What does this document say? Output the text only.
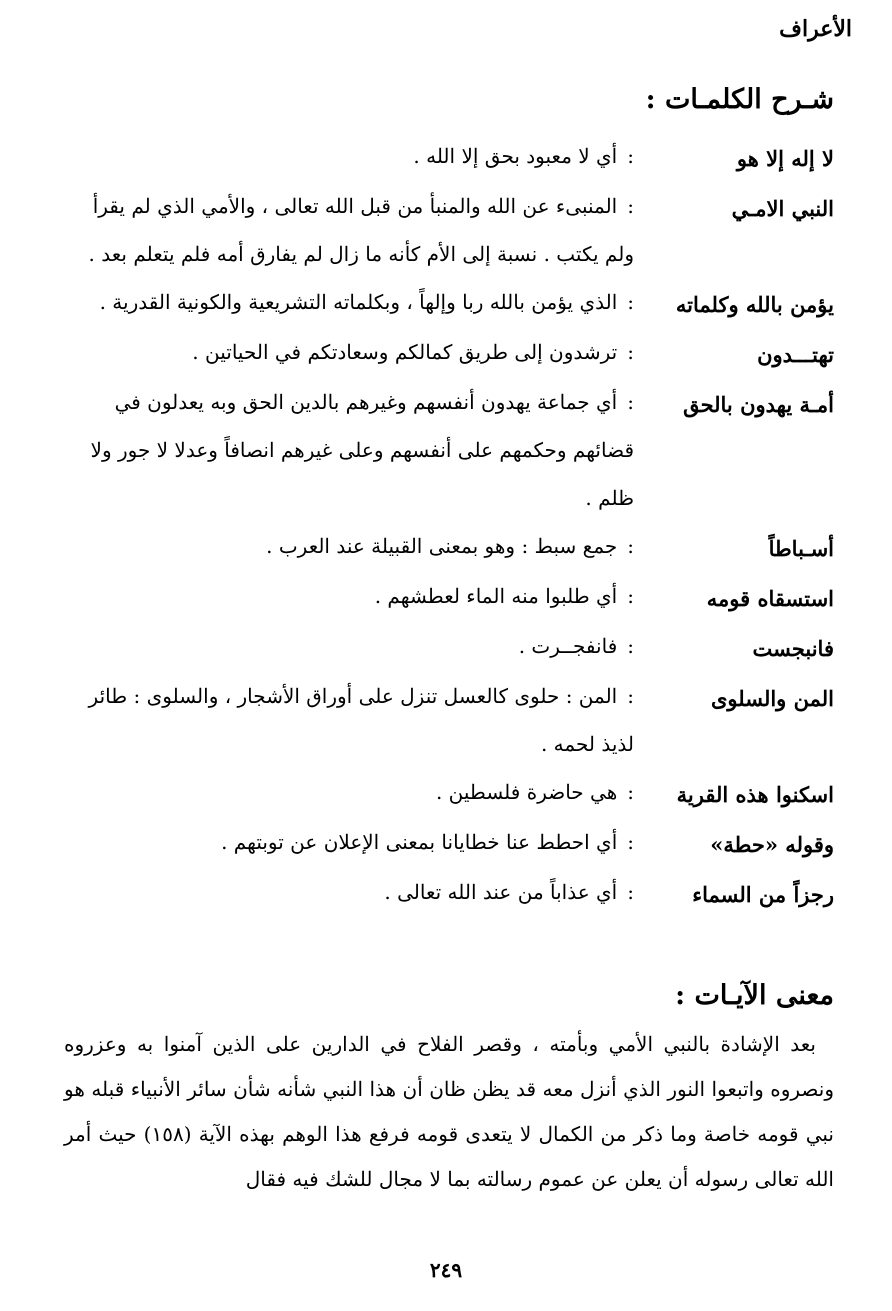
الأعراف
شـرح الكلمـات :
لا إله إلا هو
:أي لا معبود بحق إلا الله .
النبي الامـي
:المنبىء عن الله والمنبأ من قبل الله تعالى ، والأمي الذي لم يقرأ ولم يكتب . نسبة إلى الأم كأنه ما زال لم يفارق أمه فلم يتعلم بعد .
يؤمن بالله وكلماته
:الذي يؤمن بالله ربا وإلهاً ، وبكلماته التشريعية والكونية القدرية .
تهتـــدون
:ترشدون إلى طريق كمالكم وسعادتكم في الحياتين .
أمـة يهدون بالحق
:أي جماعة يهدون أنفسهم وغيرهم بالدين الحق وبه يعدلون في قضائهم وحكمهم على أنفسهم وعلى غيرهم انصافاً وعدلا لا جور ولا ظلم .
أسـباطاً
:جمع سبط : وهو بمعنى القبيلة عند العرب .
استسقاه قومه
:أي طلبوا منه الماء لعطشهم .
فانبجست
:فانفجــرت .
المن والسلوى
:المن : حلوى كالعسل تنزل على أوراق الأشجار ، والسلوى : طائر لذيذ لحمه .
اسكنوا هذه القرية
:هي حاضرة فلسطين .
وقوله «حطة»
:أي احطط عنا خطايانا بمعنى الإعلان عن توبتهم .
رجزاً من السماء
:أي عذاباً من عند الله تعالى .
معنى الآيـات :
بعد الإشادة بالنبي الأمي وبأمته ، وقصر الفلاح في الدارين على الذين آمنوا به وعزروه ونصروه واتبعوا النور الذي أنزل معه قد يظن ظان أن هذا النبي شأنه شأن سائر الأنبياء قبله هو نبي قومه خاصة وما ذكر من الكمال لا يتعدى قومه فرفع هذا الوهم بهذه الآية (١٥٨) حيث أمر الله تعالى رسوله أن يعلن عن عموم رسالته بما لا مجال للشك فيه فقال
٢٤٩
